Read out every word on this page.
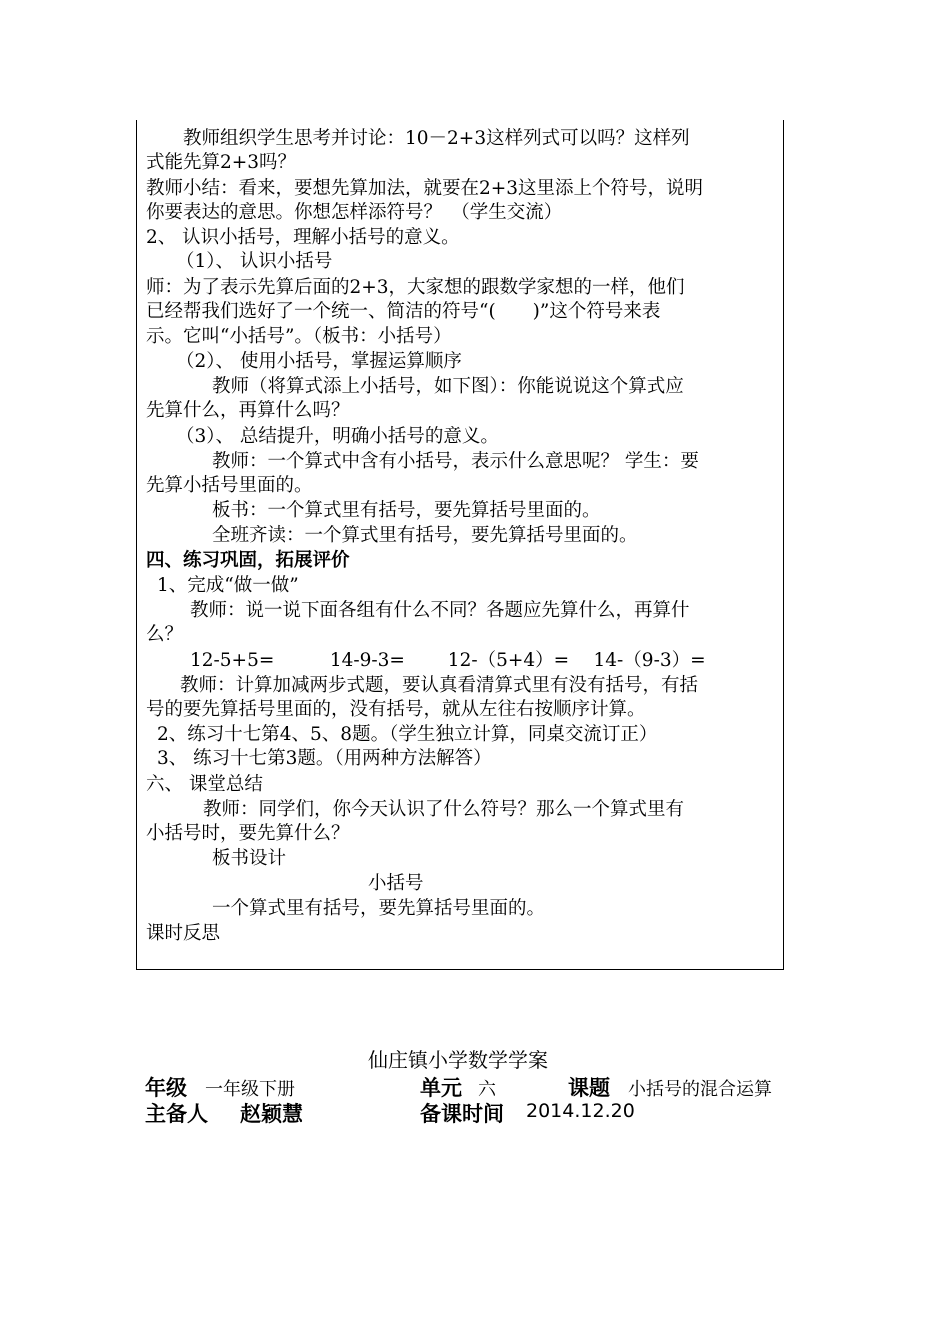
　　教师组织学生思考并讨论：10－2+3这样列式可以吗？这样列
式能先算2+3吗？
教师小结：看来，要想先算加法，就要在2+3这里添上个符号，说明
你要表达的意思。你想怎样添符号？　（学生交流）
2、 认识小括号，理解小括号的意义。
（1）、 认识小括号
师：为了表示先算后面的2+3，大家想的跟数学家想的一样，他们
已经帮我们选好了一个统一、简洁的符号“(　　)”这个符号来表
示。它叫“小括号”。（板书：小括号）
（2）、 使用小括号，掌握运算顺序
教师（将算式添上小括号，如下图）：你能说说这个算式应
先算什么，再算什么吗？
（3）、 总结提升，明确小括号的意义。
教师：一个算式中含有小括号，表示什么意思呢？ 学生：要
先算小括号里面的。
板书：一个算式里有括号，要先算括号里面的。
全班齐读：一个算式里有括号，要先算括号里面的。
四、练习巩固，拓展评价
1、完成“做一做”
教师：说一说下面各组有什么不同？各题应先算什么，再算什
么？
12-5+5=　　　14-9-3=　　 12-（5+4）=　 14-（9-3）=
教师：计算加减两步式题，要认真看清算式里有没有括号，有括
号的要先算括号里面的，没有括号，就从左往右按顺序计算。
2、练习十七第4、5、8题。（学生独立计算，同桌交流订正）
3、 练习十七第3题。（用两种方法解答）
六、 课堂总结
教师：同学们，你今天认识了什么符号？那么一个算式里有
小括号时，要先算什么？
板书设计
小括号
一个算式里有括号，要先算括号里面的。
课时反思
仙庄镇小学数学学案
年级 一年级下册	单元 六	课题 小括号的混合运算
主备人 赵颖慧	备课时间 2014.12.20
